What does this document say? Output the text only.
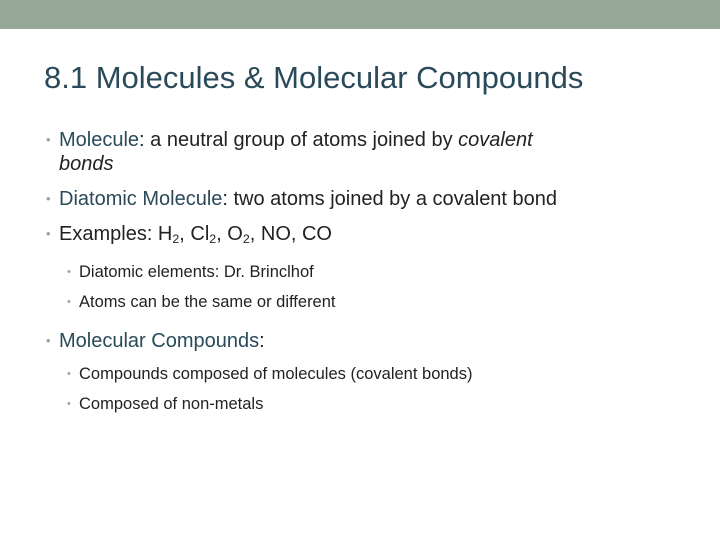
8.1 Molecules & Molecular Compounds
• Molecule: a neutral group of atoms joined by covalent
bonds
• Diatomic Molecule: two atoms joined by a covalent bond
• Examples: $H_2$, $Cl_2$, $O_2$, NO, CO
• Diatomic elements: Dr. Brinclhof
• Atoms can be the same or different
• Molecular Compounds:
• Compounds composed of molecules (covalent bonds)
• Composed of non-metals
